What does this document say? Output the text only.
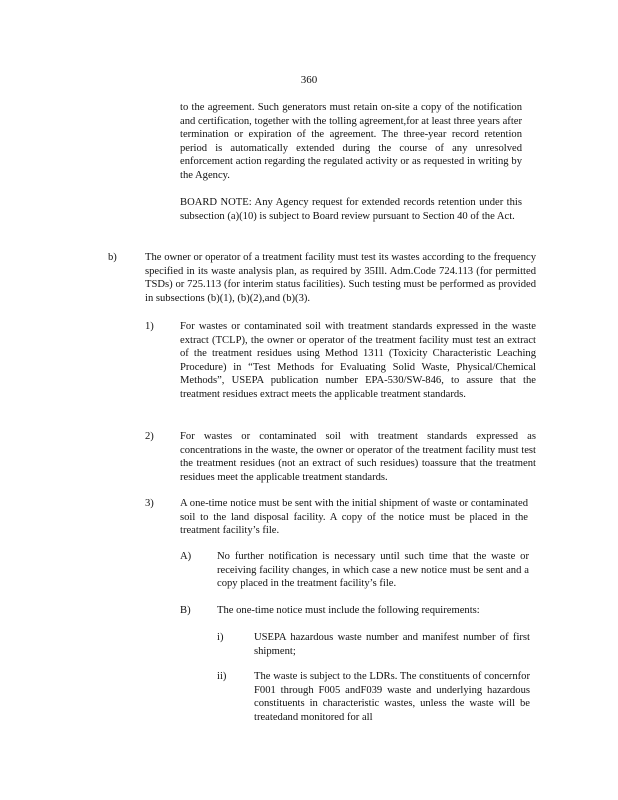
360
to the agreement. Such generators must retain on-site a copy of the notification and certification, together with the tolling agreement,for at least three years after termination or expiration of the agreement. The three-year record retention period is automatically extended during the course of any unresolved enforcement action regarding the regulated activity or as requested in writing by the Agency.
BOARD NOTE: Any Agency request for extended records retention under this subsection (a)(10) is subject to Board review pursuant to Section 40 of the Act.
b)	The owner or operator of a treatment facility must test its wastes according to the frequency specified in its waste analysis plan, as required by 35Ill. Adm.Code 724.113 (for permitted TSDs) or 725.113 (for interim status facilities). Such testing must be performed as provided in subsections (b)(1), (b)(2),and (b)(3).
1) For wastes or contaminated soil with treatment standards expressed in the waste extract (TCLP), the owner or operator of the treatment facility must test an extract of the treatment residues using Method 1311 (Toxicity Characteristic Leaching Procedure) in “Test Methods for Evaluating Solid Waste, Physical/Chemical Methods”, USEPA publication number EPA-530/SW-846, to assure that the treatment residues extract meets the applicable treatment standards.
2) For wastes or contaminated soil with treatment standards expressed as concentrations in the waste, the owner or operator of the treatment facility must test the treatment residues (not an extract of such residues) toassure that the treatment residues meet the applicable treatment standards.
3) A one-time notice must be sent with the initial shipment of waste or contaminated soil to the land disposal facility. A copy of the notice must be placed in the treatment facility’s file.
A) No further notification is necessary until such time that the waste or receiving facility changes, in which case a new notice must be sent and a copy placed in the treatment facility’s file.
B) The one-time notice must include the following requirements:
i)	USEPA hazardous waste number and manifest number of first shipment;
ii)	The waste is subject to the LDRs. The constituents of concernfor F001 through F005 andF039 waste and underlying hazardous constituents in characteristic wastes, unless the waste will be treatedand monitored for all
